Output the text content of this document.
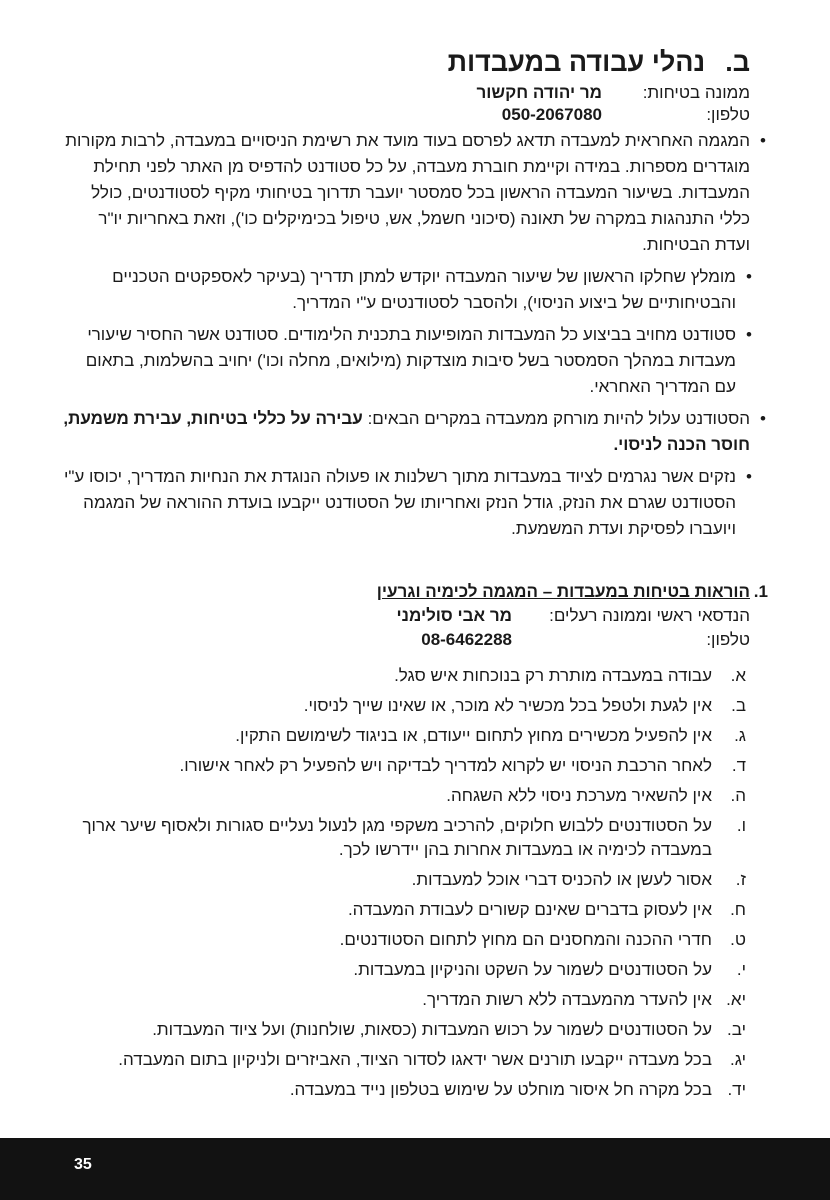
ב.
נהלי עבודה במעבדות
ממונה בטיחות:
מר יהודה חקשור
טלפון:
050-2067080
•
המגמה האחראית למעבדה תדאג לפרסם בעוד מועד את רשימת הניסויים במעבדה, לרבות מקורות מוגדרים מספרות. במידה וקיימת חוברת מעבדה, על כל סטודנט להדפיס מן האתר לפני תחילת המעבדות. בשיעור המעבדה הראשון בכל סמסטר יועבר תדרוך בטיחותי מקיף לסטודנטים, כולל כללי התנהגות במקרה של תאונה (סיכוני חשמל, אש, טיפול בכימיקלים כו'), וזאת באחריות יו"ר ועדת הבטיחות.
•
מומלץ שחלקו הראשון של שיעור המעבדה יוקדש למתן תדריך (בעיקר לאספקטים הטכניים והבטיחותיים של ביצוע הניסוי), ולהסבר לסטודנטים ע"י המדריך.
•
סטודנט מחויב בביצוע כל המעבדות המופיעות בתכנית הלימודים. סטודנט אשר החסיר שיעורי מעבדות במהלך הסמסטר בשל סיבות מוצדקות (מילואים, מחלה וכו') יחויב בהשלמות, בתאום עם המדריך האחראי.
•
הסטודנט עלול להיות מורחק ממעבדה במקרים הבאים: עבירה על כללי בטיחות, עבירת משמעת, חוסר הכנה לניסוי.
•
נזקים אשר נגרמים לציוד במעבדות מתוך רשלנות או פעולה הנוגדת את הנחיות המדריך, יכוסו ע"י הסטודנט שגרם את הנזק, גודל הנזק ואחריותו של הסטודנט ייקבעו בועדת ההוראה של המגמה ויועברו לפסיקת ועדת המשמעת.
1.
הוראות בטיחות במעבדות – המגמה לכימיה וגרעין
הנדסאי ראשי וממונה רעלים:
מר אבי סולימני
טלפון:
08-6462288
א.
עבודה במעבדה מותרת רק בנוכחות איש סגל.
ב.
אין לגעת ולטפל בכל מכשיר לא מוכר, או שאינו שייך לניסוי.
ג.
אין להפעיל מכשירים מחוץ לתחום ייעודם, או בניגוד לשימושם התקין.
ד.
לאחר הרכבת הניסוי יש לקרוא למדריך לבדיקה ויש להפעיל רק לאחר אישורו.
ה.
אין להשאיר מערכת ניסוי ללא השגחה.
ו.
על הסטודנטים ללבוש חלוקים, להרכיב משקפי מגן לנעול נעליים סגורות ולאסוף שיער ארוך במעבדה לכימיה או במעבדות אחרות בהן יידרשו לכך.
ז.
אסור לעשן או להכניס דברי אוכל למעבדות.
ח.
אין לעסוק בדברים שאינם קשורים לעבודת המעבדה.
ט.
חדרי ההכנה והמחסנים הם מחוץ לתחום הסטודנטים.
י.
על הסטודנטים לשמור על השקט והניקיון במעבדות.
יא.
אין להעדר מהמעבדה ללא רשות המדריך.
יב.
על הסטודנטים לשמור על רכוש המעבדות (כסאות, שולחנות) ועל ציוד המעבדות.
יג.
בכל מעבדה ייקבעו תורנים אשר ידאגו לסדור הציוד, האביזרים ולניקיון בתום המעבדה.
יד.
בכל מקרה חל איסור מוחלט על שימוש בטלפון נייד במעבדה.
35
